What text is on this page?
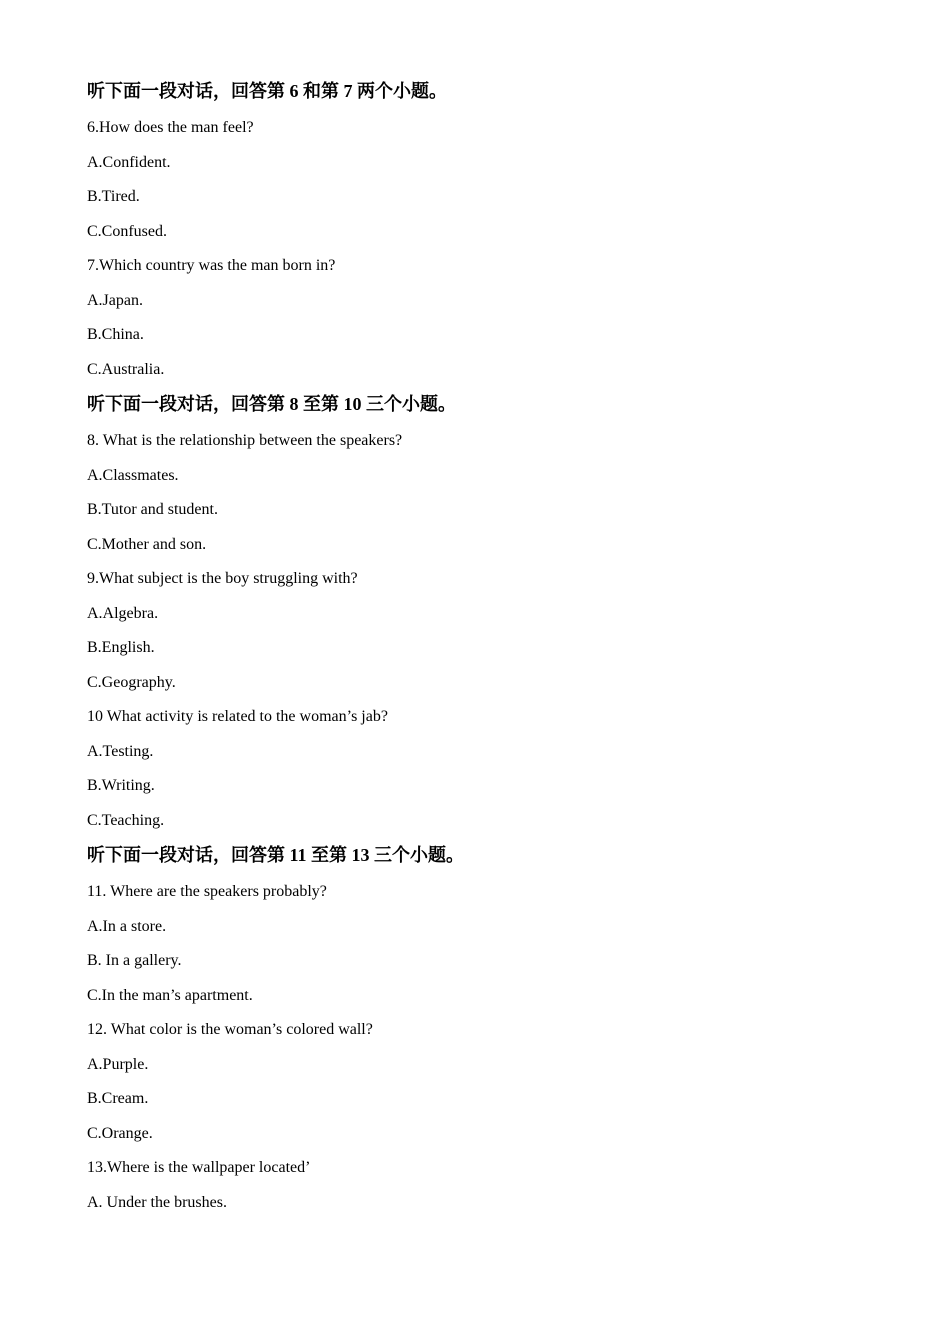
听下面一段对话，回答第 6 和第 7 两个小题。
6.How does the man feel?
A.Confident.
B.Tired.
C.Confused.
7.Which country was the man born in?
A.Japan.
B.China.
C.Australia.
听下面一段对话，回答第 8 至第 10 三个小题。
8. What is the relationship between the speakers?
A.Classmates.
B.Tutor and student.
C.Mother and son.
9.What subject is the boy struggling with?
A.Algebra.
B.English.
C.Geography.
10 What activity is related to the woman’s jab?
A.Testing.
B.Writing.
C.Teaching.
听下面一段对话，回答第 11 至第 13 三个小题。
11. Where are the speakers probably?
A.In a store.
B. In a gallery.
C.In the man’s apartment.
12. What color is the woman’s colored wall?
A.Purple.
B.Cream.
C.Orange.
13.Where is the wallpaper located’
A. Under the brushes.
